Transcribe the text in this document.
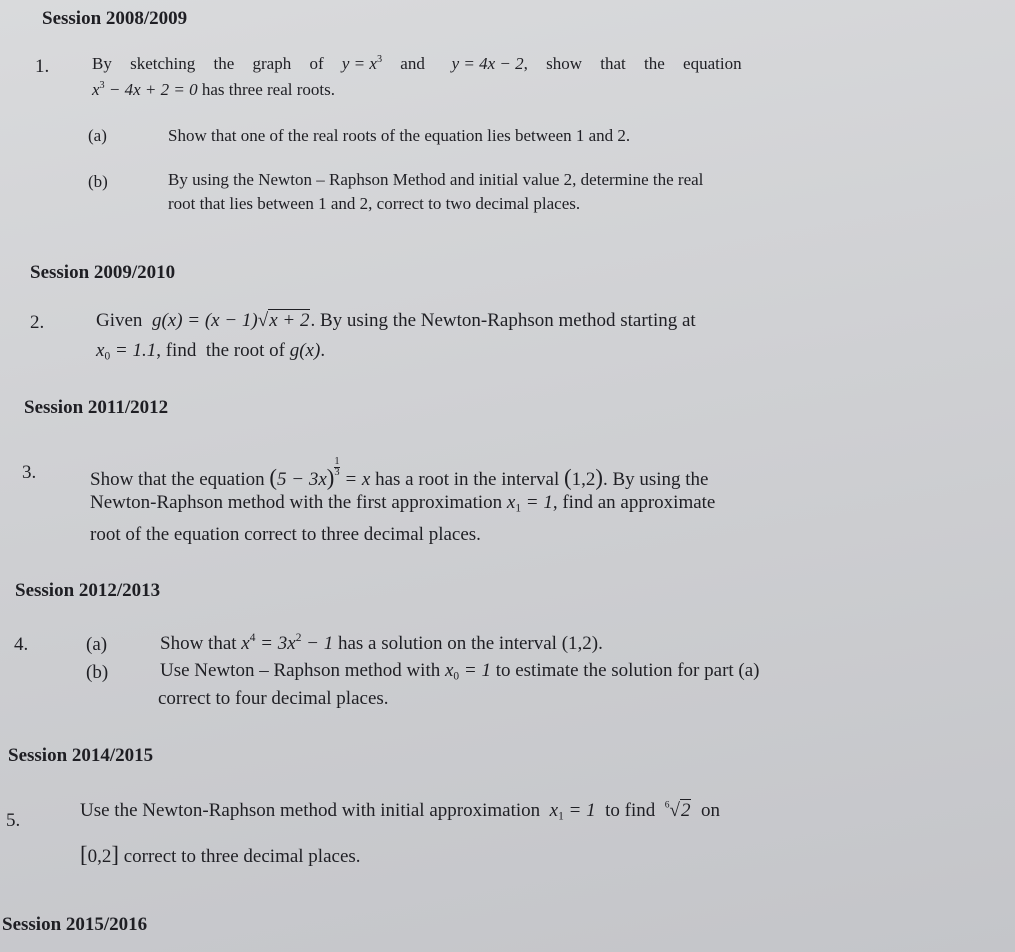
Session 2008/2009
1.	By sketching the graph of $y = x^3$ and   y = 4x − 2, show that the equation
$x^3 - 4x + 2 = 0$ has three real roots.
(a)	Show that one of the real roots of the equation lies between 1 and 2.
(b)	By using the Newton – Raphson Method and initial value 2, determine the real
root that lies between 1 and 2, correct to two decimal places.
Session 2009/2010
2.	Given g(x) = (x − 1)√x + 2. By using the Newton-Raphson method starting at
$x_0 = 1.1$, find the root of g(x).
Session 2011/2012
3.	Show that the equation (5 − 3x)1
3 = x has a root in the interval (1,2). By using the
Newton-Raphson method with the first approximation $x_1 = 1$, find an approximate
root of the equation correct to three decimal places.
Session 2012/2013
4.	(a)	Show that $x^4 = 3x^2 - 1$ has a solution on the interval (1,2).
(b)	Use Newton – Raphson method with $x_0 = 1$ to estimate the solution for part (a)
correct to four decimal places.
Session 2014/2015
5.	Use the Newton-Raphson method with initial approximation $x_1 = 1$ to find $^6$√2 on
[0,2] correct to three decimal places.
Session 2015/2016
